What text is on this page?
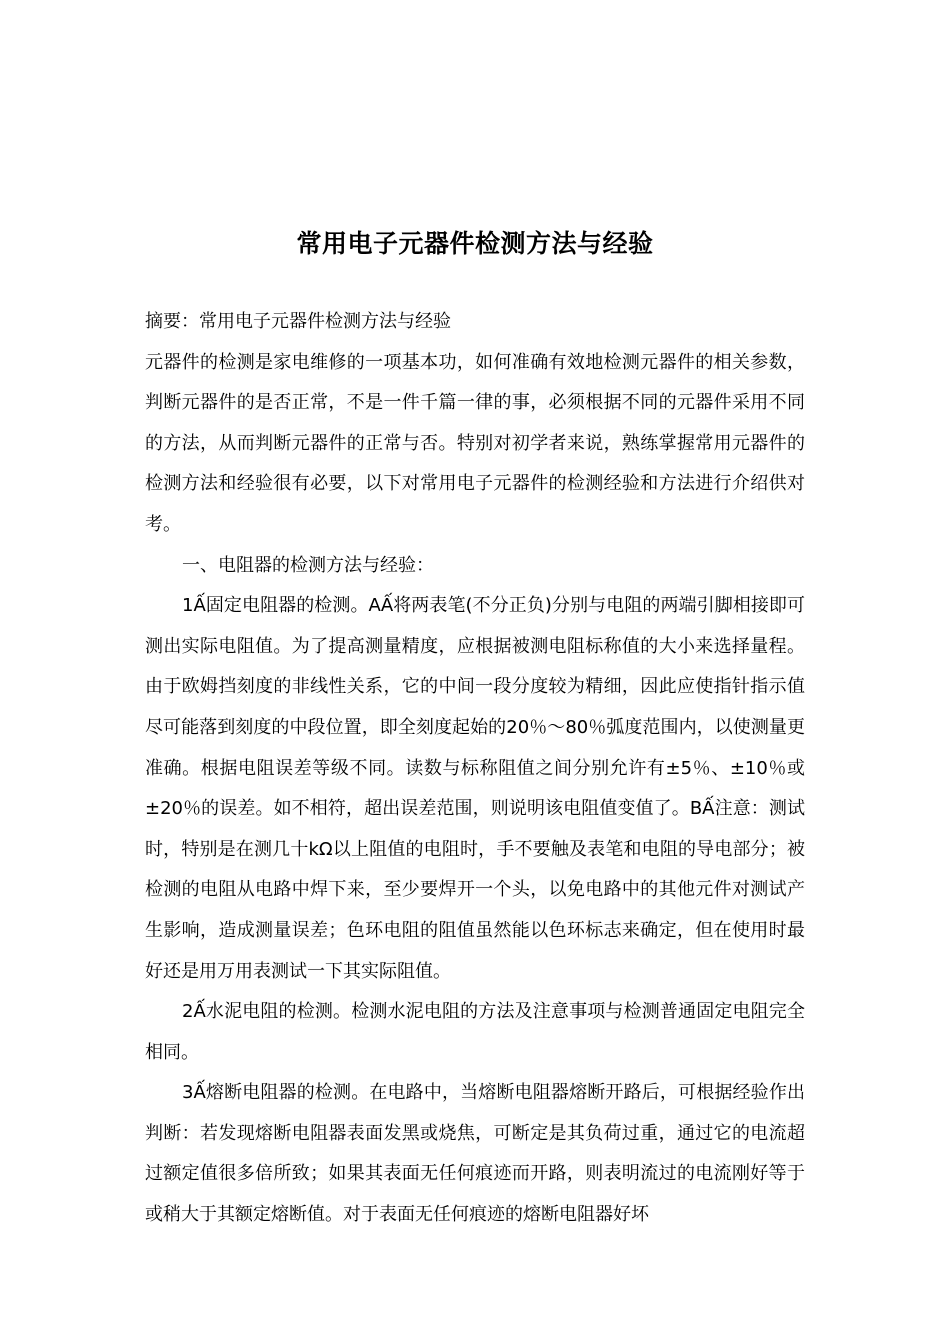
常用电子元器件检测方法与经验

摘要：常用电子元器件检测方法与经验

元器件的检测是家电维修的一项基本功，如何准确有效地检测元器件的相关参数，判断元器件的是否正常，不是一件千篇一律的事，必须根据不同的元器件采用不同的方法，从而判断元器件的正常与否。特别对初学者来说，熟练掌握常用元器件的检测方法和经验很有必要，以下对常用电子元器件的检测经验和方法进行介绍供对考。

一、电阻器的检测方法与经验：

1Ấ固定电阻器的检测。AẤ将两表笔(不分正负)分别与电阻的两端引脚相接即可测出实际电阻值。为了提高测量精度，应根据被测电阻标称值的大小来选择量程。由于欧姆挡刻度的非线性关系，它的中间一段分度较为精细，因此应使指针指示值尽可能落到刻度的中段位置，即全刻度起始的20％～80％弧度范围内，以使测量更准确。根据电阻误差等级不同。读数与标称阻值之间分别允许有±5％、±10％或±20％的误差。如不相符，超出误差范围，则说明该电阻值变值了。BẤ注意：测试时，特别是在测几十kΩ以上阻值的电阻时，手不要触及表笔和电阻的导电部分；被检测的电阻从电路中焊下来，至少要焊开一个头，以免电路中的其他元件对测试产生影响，造成测量误差；色环电阻的阻值虽然能以色环标志来确定，但在使用时最好还是用万用表测试一下其实际阻值。

2Ấ水泥电阻的检测。检测水泥电阻的方法及注意事项与检测普通固定电阻完全相同。

3Ấ熔断电阻器的检测。在电路中，当熔断电阻器熔断开路后，可根据经验作出判断：若发现熔断电阻器表面发黑或烧焦，可断定是其负荷过重，通过它的电流超过额定值很多倍所致；如果其表面无任何痕迹而开路，则表明流过的电流刚好等于或稍大于其额定熔断值。对于表面无任何痕迹的熔断电阻器好坏
